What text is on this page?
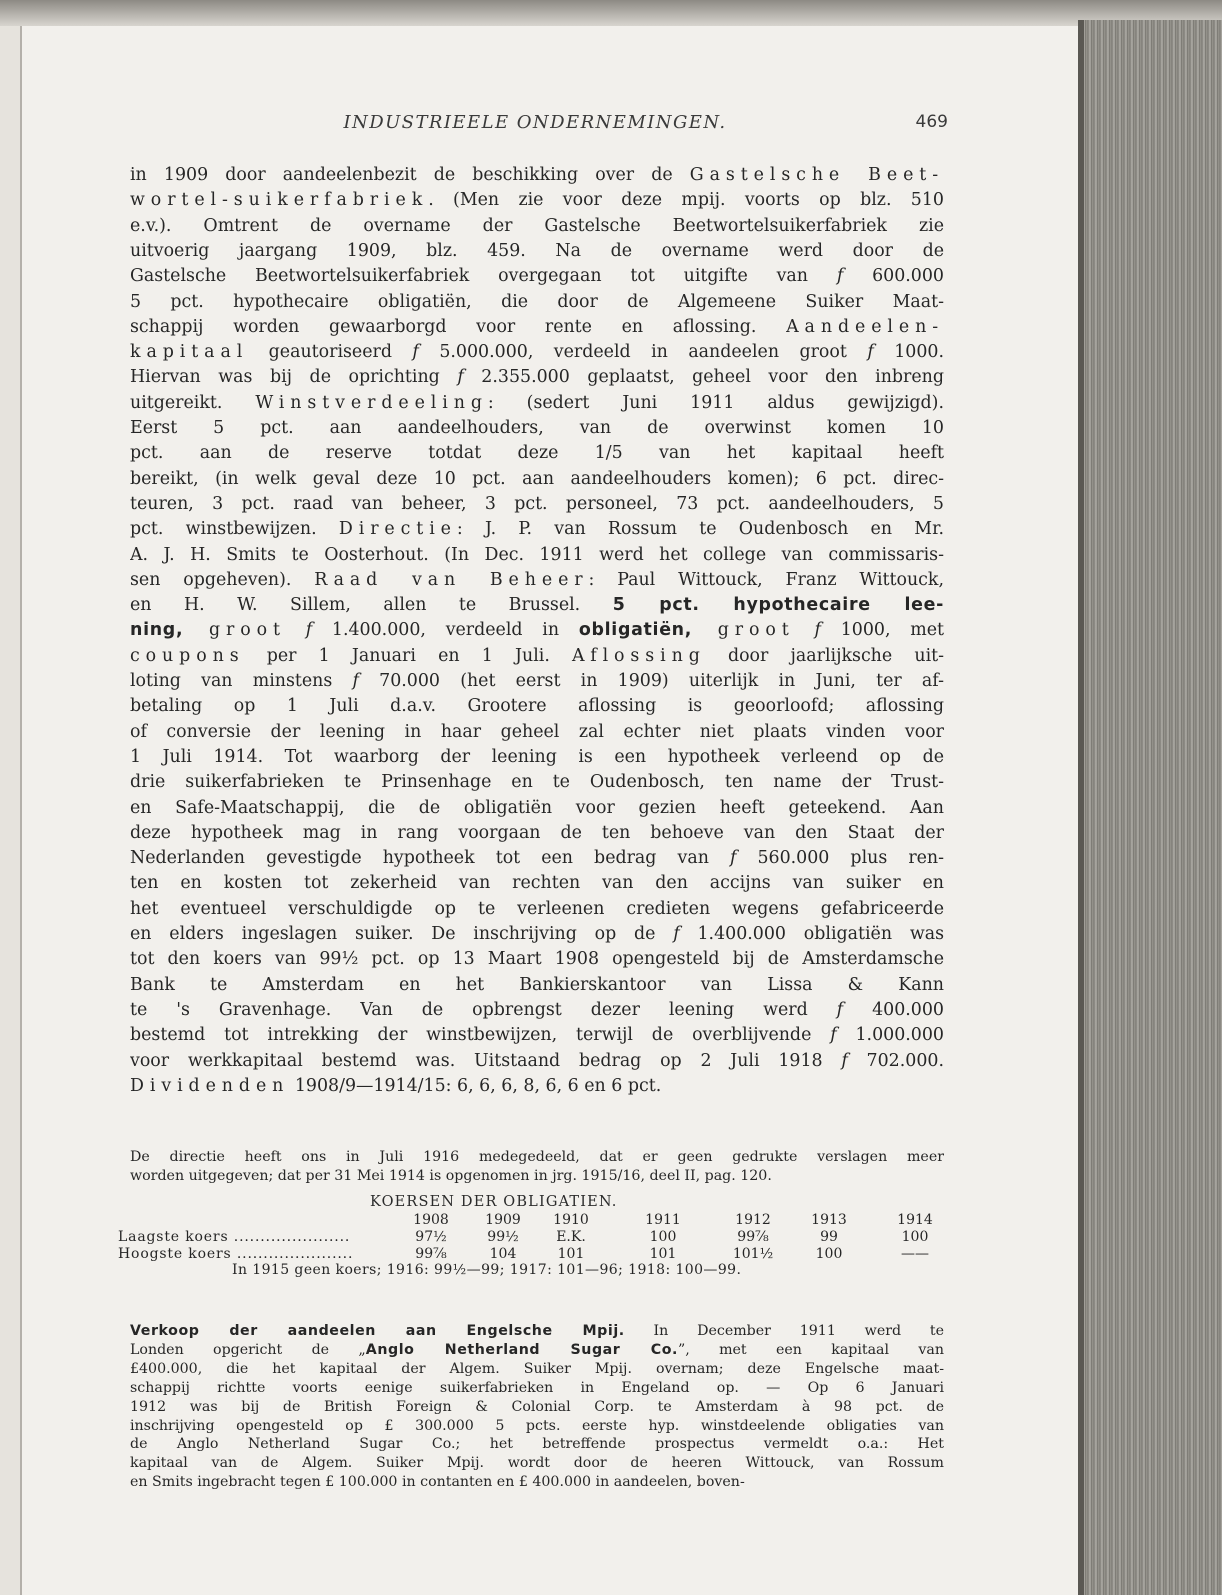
INDUSTRIEELE ONDERNEMINGEN.	469
in 1909 door aandeelenbezit de beschikking over de Gastelsche Beet-
wortel-suikerfabriek. (Men zie voor deze mpij. voorts op blz. 510
e.v.). Omtrent de overname der Gastelsche Beetwortelsuikerfabriek zie
uitvoerig jaargang 1909, blz. 459. Na de overname werd door de
Gastelsche Beetwortelsuikerfabriek overgegaan tot uitgifte van f 600.000
5 pct. hypothecaire obligatiën, die door de Algemeene Suiker Maat-
schappij worden gewaarborgd voor rente en aflossing. Aandeelen-
kapitaal geautoriseerd f 5.000.000, verdeeld in aandeelen groot f 1000.
Hiervan was bij de oprichting f 2.355.000 geplaatst, geheel voor den inbreng
uitgereikt. Winstverdeeling: (sedert Juni 1911 aldus gewijzigd).
Eerst 5 pct. aan aandeelhouders, van de overwinst komen 10
pct. aan de reserve totdat deze 1/5 van het kapitaal heeft
bereikt, (in welk geval deze 10 pct. aan aandeelhouders komen); 6 pct. direc-
teuren, 3 pct. raad van beheer, 3 pct. personeel, 73 pct. aandeelhouders, 5
pct. winstbewijzen. Directie: J. P. van Rossum te Oudenbosch en Mr.
A. J. H. Smits te Oosterhout. (In Dec. 1911 werd het college van commissaris-
sen opgeheven). Raad van Beheer: Paul Wittouck, Franz Wittouck,
en H. W. Sillem, allen te Brussel. 5 pct. hypothecaire lee-
ning, groot f 1.400.000, verdeeld in obligatiën, groot f 1000, met
coupons per 1 Januari en 1 Juli. Aflossing door jaarlijksche uit-
loting van minstens f 70.000 (het eerst in 1909) uiterlijk in Juni, ter af-
betaling op 1 Juli d.a.v. Grootere aflossing is geoorloofd; aflossing
of conversie der leening in haar geheel zal echter niet plaats vinden voor
1 Juli 1914. Tot waarborg der leening is een hypotheek verleend op de
drie suikerfabrieken te Prinsenhage en te Oudenbosch, ten name der Trust-
en Safe-Maatschappij, die de obligatiën voor gezien heeft geteekend. Aan
deze hypotheek mag in rang voorgaan de ten behoeve van den Staat der
Nederlanden gevestigde hypotheek tot een bedrag van f 560.000 plus ren-
ten en kosten tot zekerheid van rechten van den accijns van suiker en
het eventueel verschuldigde op te verleenen credieten wegens gefabriceerde
en elders ingeslagen suiker. De inschrijving op de f 1.400.000 obligatiën was
tot den koers van 99½ pct. op 13 Maart 1908 opengesteld bij de Amsterdamsche
Bank te Amsterdam en het Bankierskantoor van Lissa & Kann
te 's Gravenhage. Van de opbrengst dezer leening werd f 400.000
bestemd tot intrekking der winstbewijzen, terwijl de overblijvende f 1.000.000
voor werkkapitaal bestemd was. Uitstaand bedrag op 2 Juli 1918 f 702.000.
Dividenden 1908/9—1914/15: 6, 6, 6, 8, 6, 6 en 6 pct.
De directie heeft ons in Juli 1916 medegedeeld, dat er geen gedrukte verslagen meer
worden uitgegeven; dat per 31 Mei 1914 is opgenomen in jrg. 1915/16, deel II, pag. 120.
KOERSEN DER OBLIGATIEN.
1908	1909	1910	1911	1912	1913	1914
Laagste koers ......................	97½	99½	E.K.	100	99⅞	99	100
Hoogste koers ......................	99⅞	104	101	101	101½	100	——
In 1915 geen koers; 1916: 99½—99; 1917: 101—96; 1918: 100—99.
Verkoop der aandeelen aan Engelsche Mpij. In December 1911 werd te
Londen opgericht de „Anglo Netherland Sugar Co.”, met een kapitaal van
£400.000, die het kapitaal der Algem. Suiker Mpij. overnam; deze Engelsche maat-
schappij richtte voorts eenige suikerfabrieken in Engeland op. — Op 6 Januari
1912 was bij de British Foreign & Colonial Corp. te Amsterdam à 98 pct. de
inschrijving opengesteld op £ 300.000 5 pcts. eerste hyp. winstdeelende obligaties van
de Anglo Netherland Sugar Co.; het betreffende prospectus vermeldt o.a.: Het
kapitaal van de Algem. Suiker Mpij. wordt door de heeren Wittouck, van Rossum
en Smits ingebracht tegen £ 100.000 in contanten en £ 400.000 in aandeelen, boven-
